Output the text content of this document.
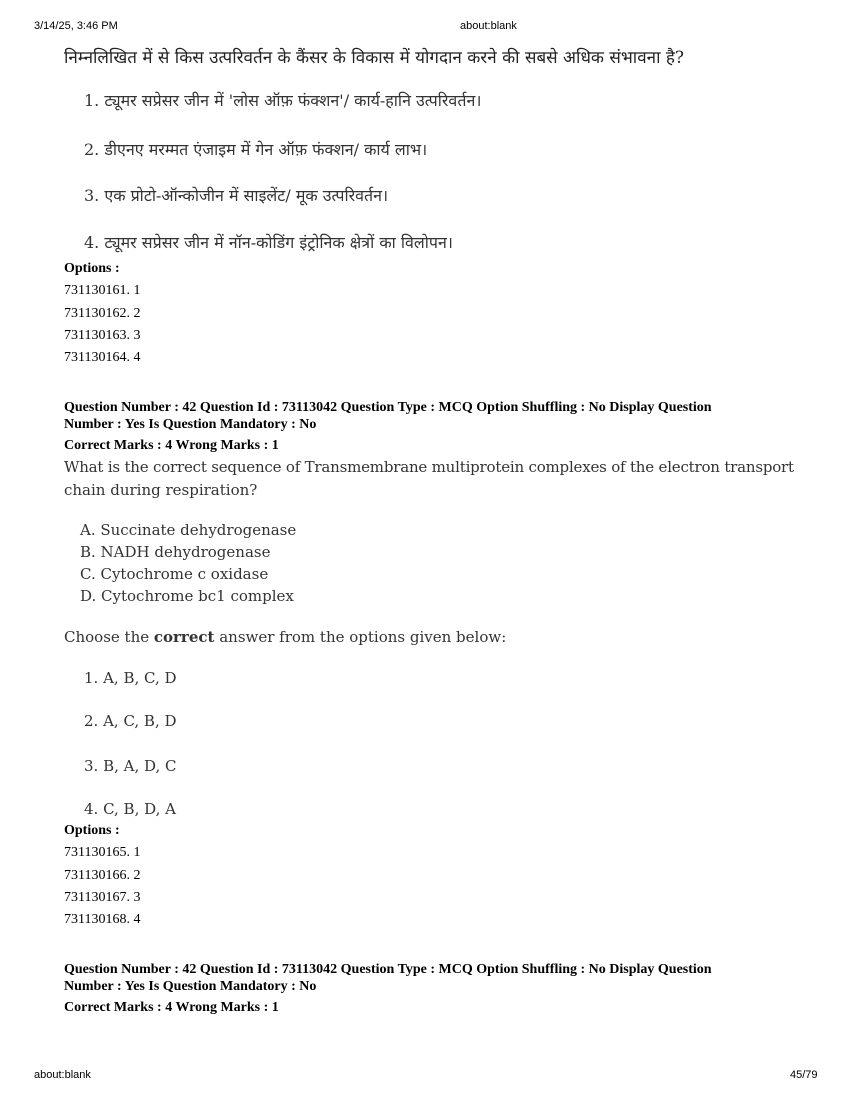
3/14/25, 3:46 PM	about:blank
निम्नलिखित में से किस उत्परिवर्तन के कैंसर के विकास में योगदान करने की सबसे अधिक संभावना है?
1. ट्यूमर सप्रेसर जीन में 'लोस ऑफ़ फंक्शन'/ कार्य-हानि उत्परिवर्तन।
2. डीएनए मरम्मत एंजाइम में गेन ऑफ़ फंक्शन/ कार्य लाभ।
3. एक प्रोटो-ऑन्कोजीन में साइलेंट/ मूक उत्परिवर्तन।
4. ट्यूमर सप्रेसर जीन में नॉन-कोडिंग इंट्रोनिक क्षेत्रों का विलोपन।
Options :
731130161. 1
731130162. 2
731130163. 3
731130164. 4
Question Number : 42 Question Id : 73113042 Question Type : MCQ Option Shuffling : No Display Question
Number : Yes Is Question Mandatory : No
Correct Marks : 4 Wrong Marks : 1
What is the correct sequence of Transmembrane multiprotein complexes of the electron transport
chain during respiration?
A. Succinate dehydrogenase
B. NADH dehydrogenase
C. Cytochrome c oxidase
D. Cytochrome bc1 complex
Choose the correct answer from the options given below:
1. A, B, C, D
2. A, C, B, D
3. B, A, D, C
4. C, B, D, A
Options :
731130165. 1
731130166. 2
731130167. 3
731130168. 4
Question Number : 42 Question Id : 73113042 Question Type : MCQ Option Shuffling : No Display Question
Number : Yes Is Question Mandatory : No
Correct Marks : 4 Wrong Marks : 1
about:blank	45/79
